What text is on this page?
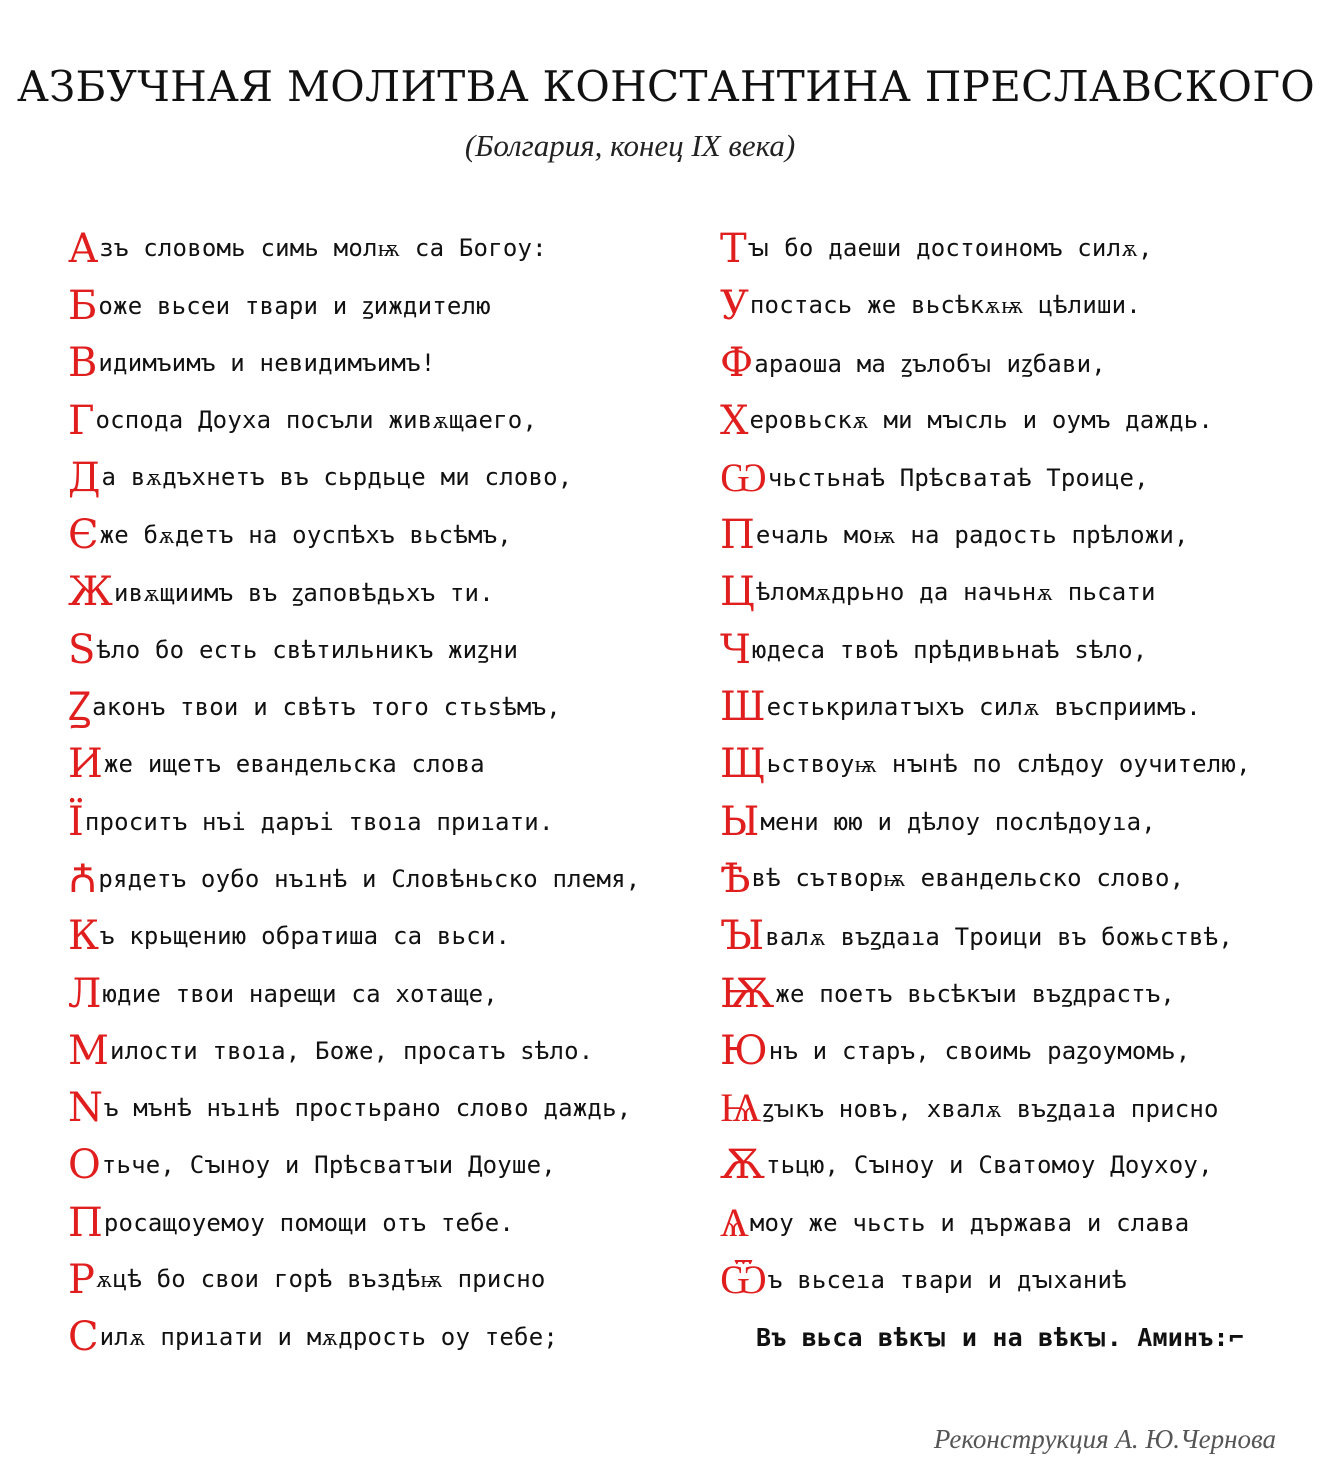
АЗБУЧНАЯ МОЛИТВА КОНСТАНТИНА ПРЕСЛАВСКОГО
(Болгария, конец IX века)
А зъ словомь симь молѭ са Богоу:
Б оже вьсеи твари и ꙁиждителю
В идимъимъ и невидимъимъ!
Г оспода Доуха посъли живѫщаего,
Д а вѫдъхнетъ въ сьрдьце ми слово,
Є же бѫдетъ на оуспѣхъ вьсѣмъ,
Ж ивѫщиимъ въ ꙁаповѣдьхъ ти.
Ѕ ѣло бо есть свѣтильникъ жиꙁни
Ꙁ аконъ твои и свѣтъ того стьѕѣмъ,
И же ищетъ евандельска слова
Ї проситъ нъі даръі твоıа приıати.
Ꙉ рядетъ оубо нъıнѣ и Словѣньско племя,
К ъ крьщению обратиша са вьси.
Л юдие твои нарещи са хотаще,
М илости твоıа, Боже, просатъ ѕѣло.
N ъ мънѣ нъıнѣ простьрано слово даждь,
О тьче, Сꙑноу и Прѣсватꙑи Доуше,
П росащоуемоу помощи отъ тебе.
Р ѫцѣ бо свои горѣ въздѣѭ присно
С илѫ приıати и мѫдрость оу тебе;
Т ꙑ бо даеши достоиномъ силѫ,
У постась же вьсѣкѫѭ цѣлиши.
Ф араоша ма ꙁълобꙑ иꙁбави,
Х еровьскѫ ми мꙑсль и оумъ даждь.
Ѡ чьстьнаѣ Прѣсватаѣ Троице,
П ечаль моѭ на радость прѣложи,
Ц ѣломѫдрьно да начьнѫ пьсати
Ч юдеса твоѣ прѣдивьнаѣ ѕѣло,
Ш естькрилатꙑхъ силѫ въсприимъ.
Щ ьствоуѭ нꙑнѣ по слѣдоу оучителю,
Ы мени юю и дѣлоу послѣдоуıа,
Ѣ вѣ сътворѭ евандельско слово,
Ꙑ валѫ въꙁдаıа Троици въ божьствѣ,
Ѭ же поетъ вьсѣкꙑи въꙁдрастъ,
Ю нъ и старъ, своимь раꙁоумомь,
Ѩ ꙁꙑкъ новъ, хвалѫ въꙁдаıа присно
Ѫ тьцю, Сꙑноу и Сватомоу Доухоу,
Ѧ моу же чьсть и държава и слава
Ѿ ъ вьсеıа твари и дꙑханиѣ
Въ вьса вѣкꙑ и на вѣкꙑ. Аминъ:⌐
Реконструкция А. Ю.Чернова
